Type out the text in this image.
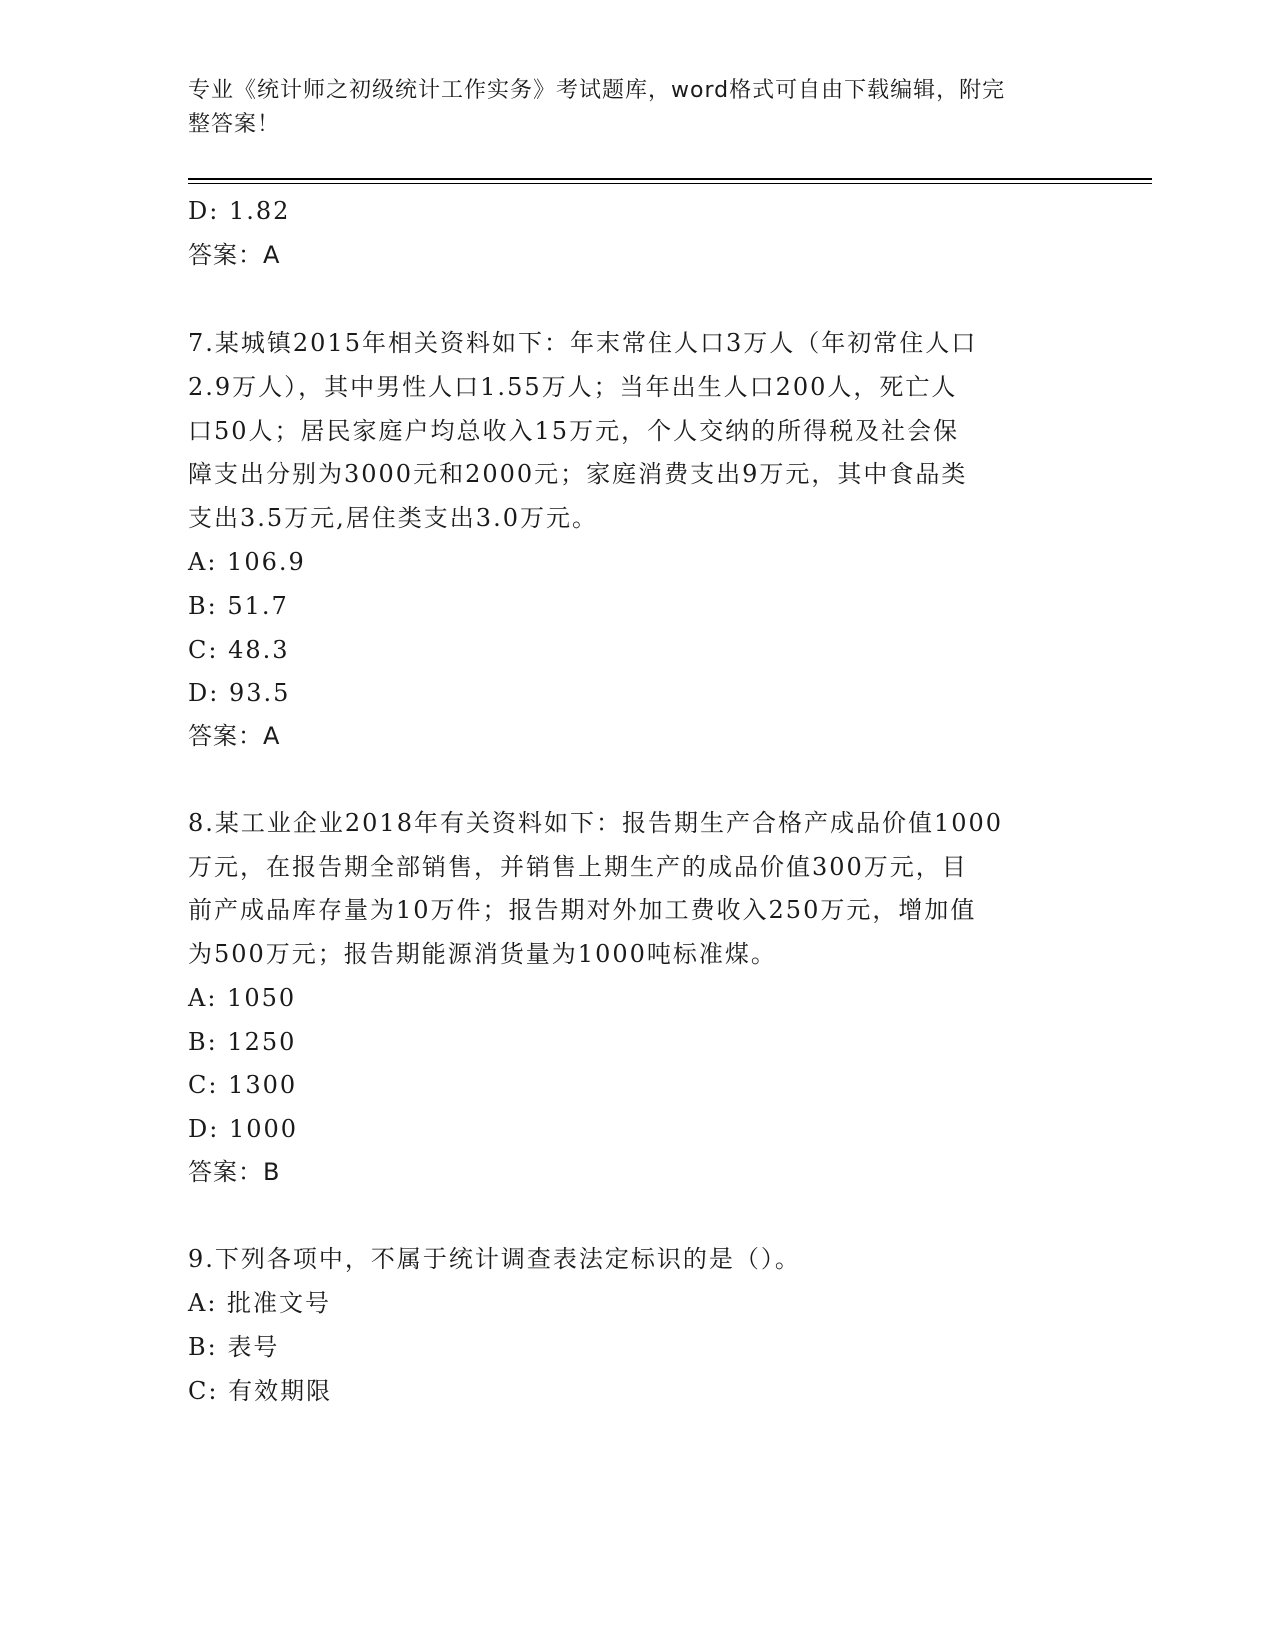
专业《统计师之初级统计工作实务》考试题库，word格式可自由下载编辑，附完
整答案！
D: 1.82
答案：A
7.某城镇2015年相关资料如下：年末常住人口3万人（年初常住人口
2.9万人），其中男性人口1.55万人；当年出生人口200人，死亡人
口50人；居民家庭户均总收入15万元，个人交纳的所得税及社会保
障支出分别为3000元和2000元；家庭消费支出9万元，其中食品类
支出3.5万元,居住类支出3.0万元。
A: 106.9
B: 51.7
C: 48.3
D: 93.5
答案：A
8.某工业企业2018年有关资料如下：报告期生产合格产成品价值1000
万元，在报告期全部销售，并销售上期生产的成品价值300万元，目
前产成品库存量为10万件；报告期对外加工费收入250万元，增加值
为500万元；报告期能源消货量为1000吨标准煤。
A: 1050
B: 1250
C: 1300
D: 1000
答案：B
9.下列各项中，不属于统计调查表法定标识的是（）。
A: 批准文号
B: 表号
C: 有效期限
